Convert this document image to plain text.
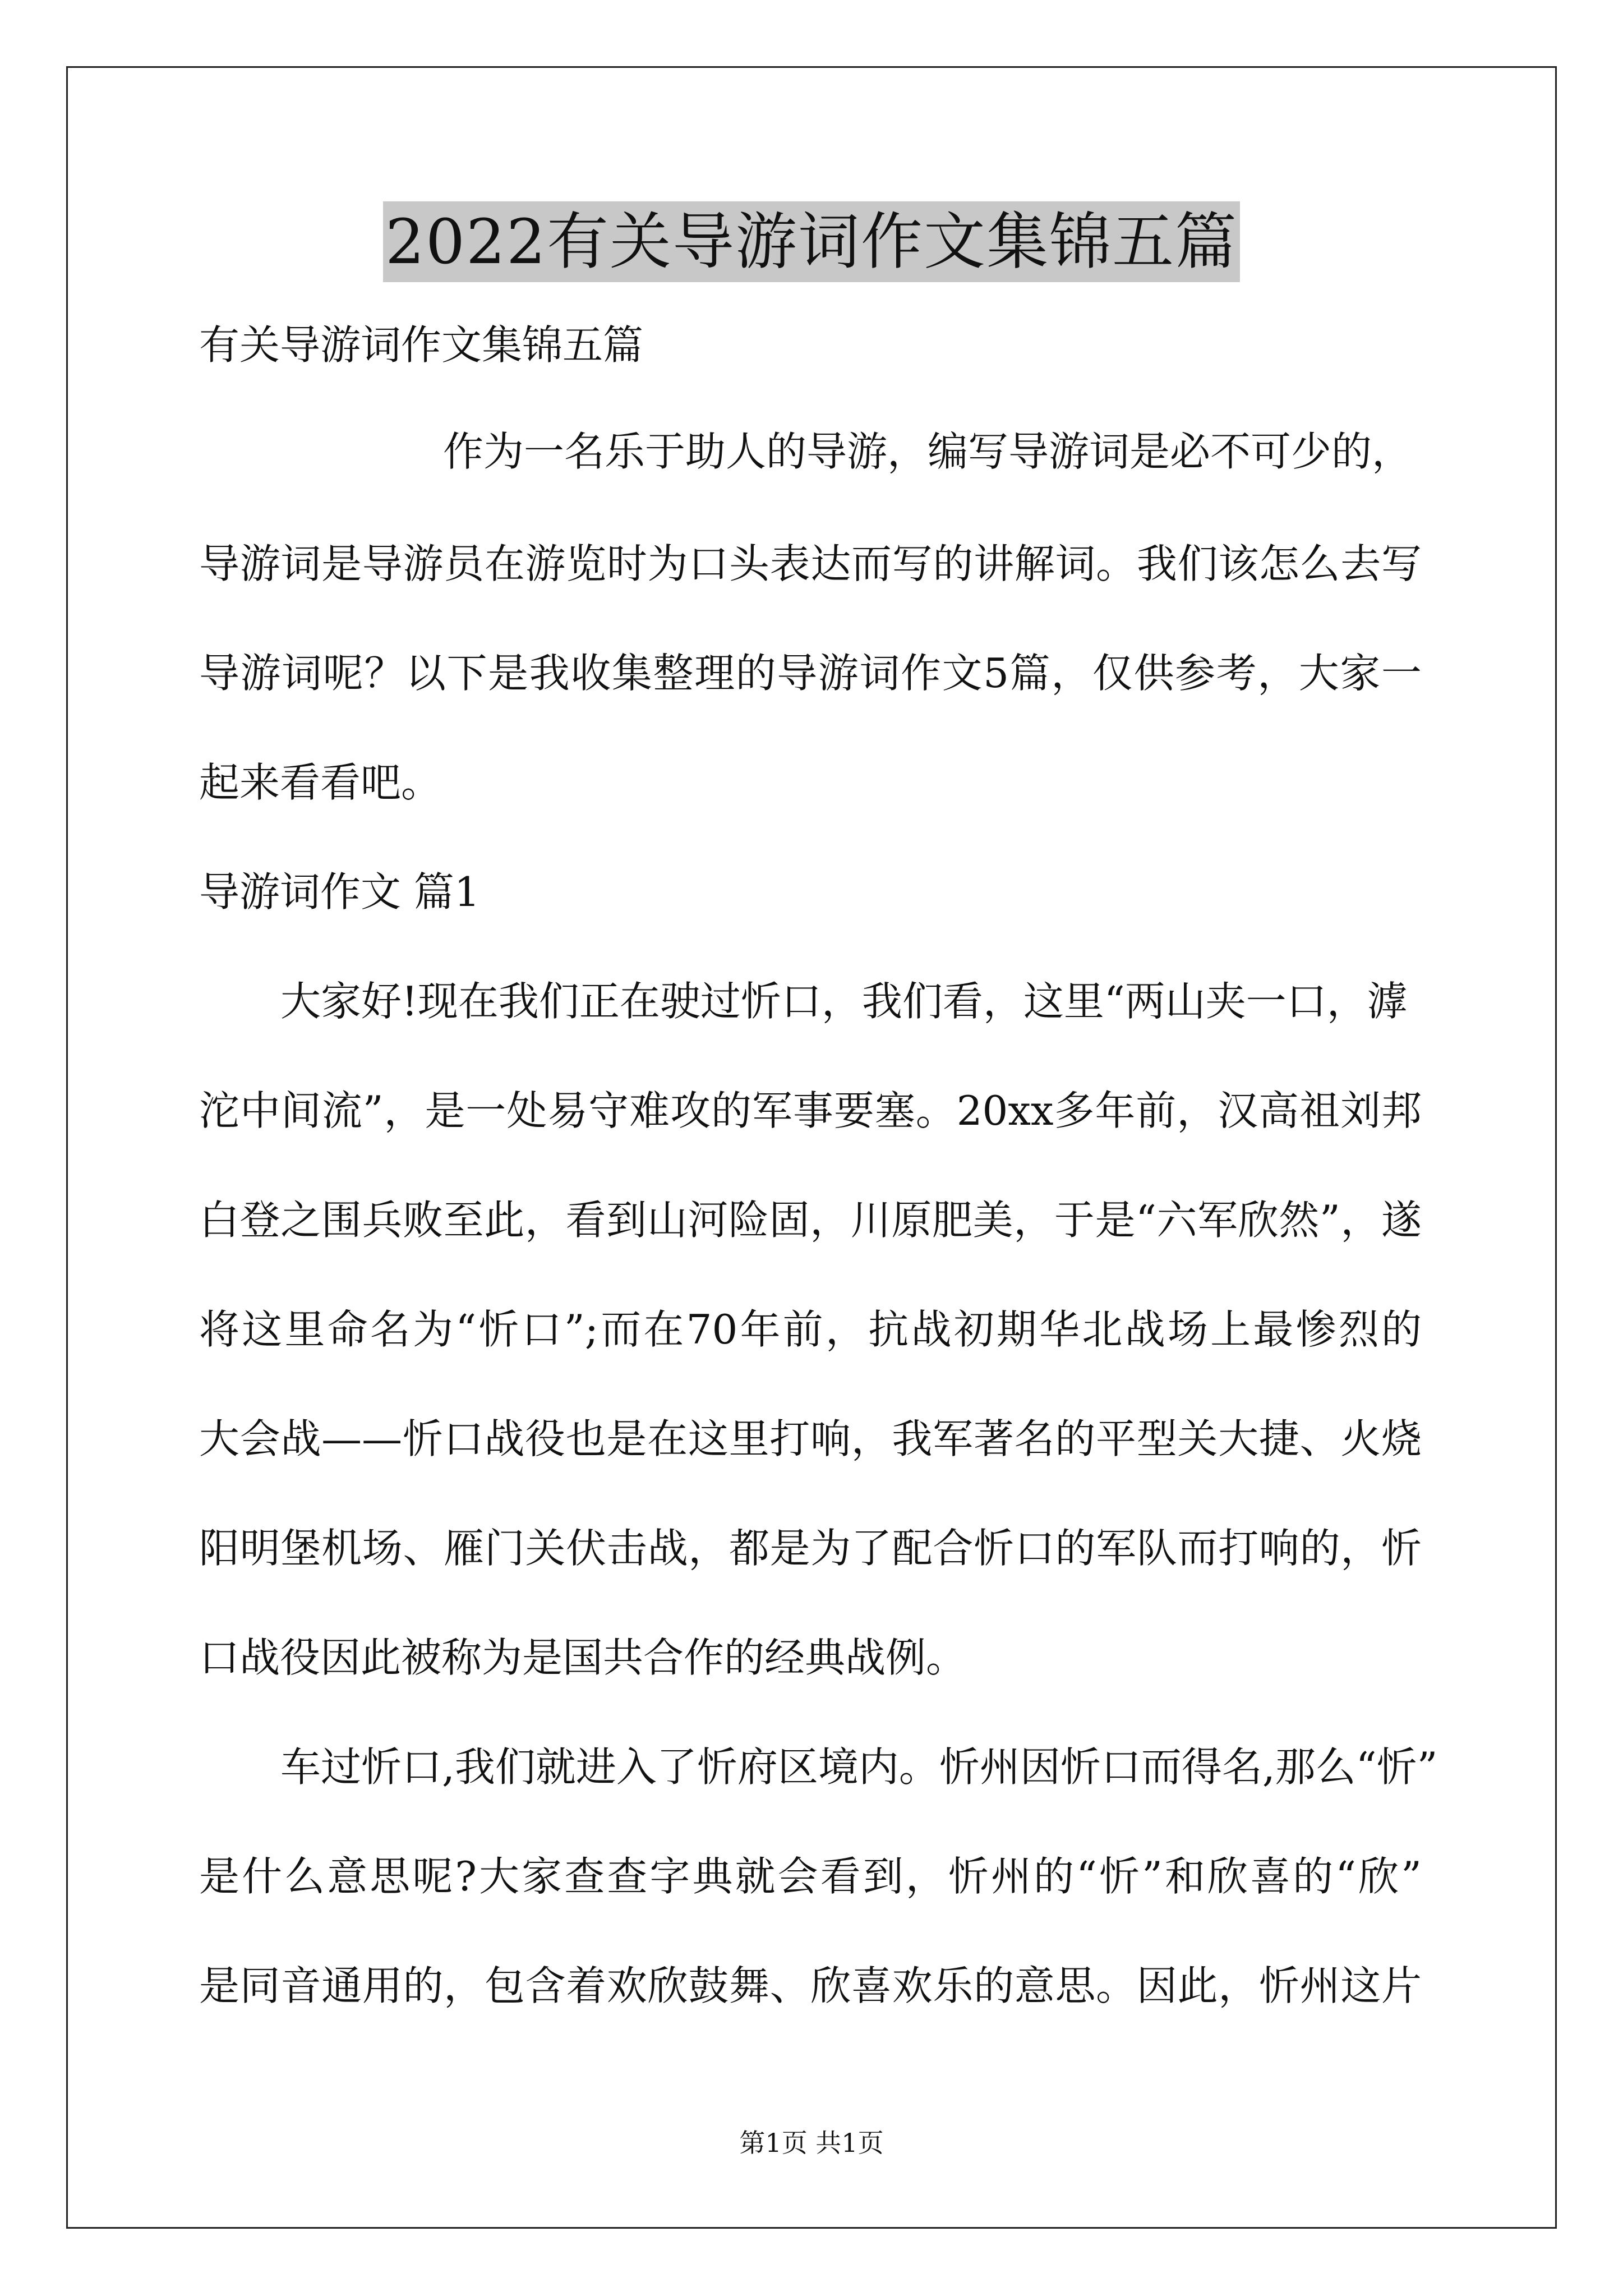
2022有关导游词作文集锦五篇

有关导游词作文集锦五篇

作为一名乐于助人的导游，编写导游词是必不可少的，

导游词是导游员在游览时为口头表达而写的讲解词。我们该怎么去写

导游词呢？以下是我收集整理的导游词作文5篇，仅供参考，大家一

起来看看吧。

导游词作文 篇1

大家好!现在我们正在驶过忻口，我们看，这里“两山夹一口，滹

沱中间流”，是一处易守难攻的军事要塞。20xx多年前，汉高祖刘邦

白登之围兵败至此，看到山河险固，川原肥美，于是“六军欣然”，遂

将这里命名为“忻口”;而在70年前，抗战初期华北战场上最惨烈的

大会战——忻口战役也是在这里打响，我军著名的平型关大捷、火烧

阳明堡机场、雁门关伏击战，都是为了配合忻口的军队而打响的，忻

口战役因此被称为是国共合作的经典战例。

车过忻口,我们就进入了忻府区境内。忻州因忻口而得名,那么“忻”

是什么意思呢?大家查查字典就会看到，忻州的“忻”和欣喜的“欣”

是同音通用的，包含着欢欣鼓舞、欣喜欢乐的意思。因此，忻州这片

第1页 共1页
